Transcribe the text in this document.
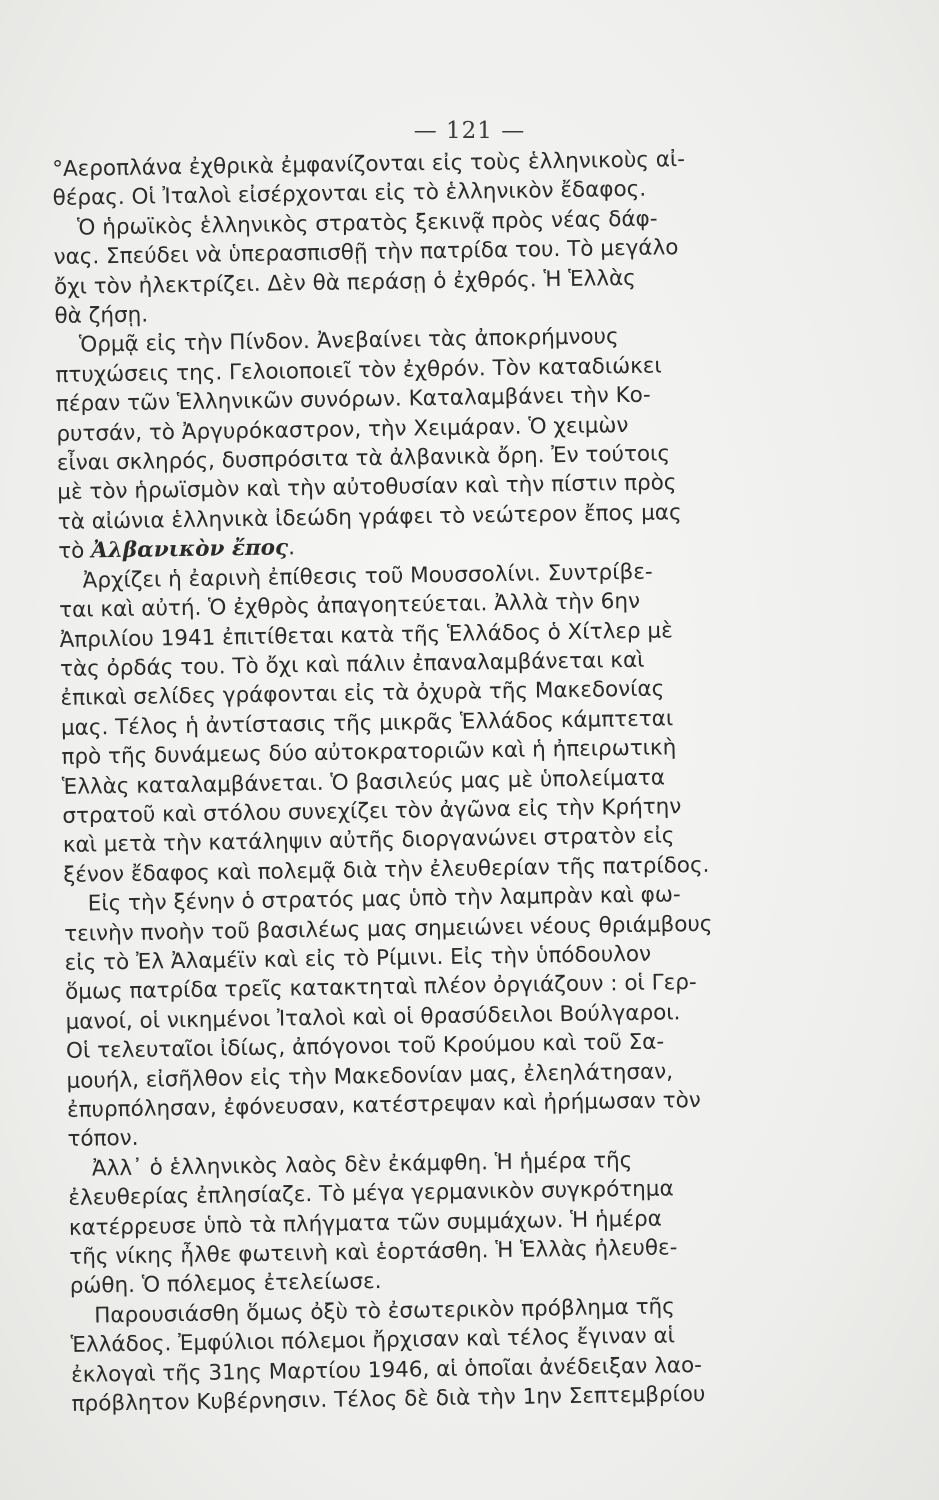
— 121 —
°Αεροπλάνα ἐχθρικὰ ἐμφανίζονται εἰς τοὺς ἑλληνικοὺς αἰ-
θέρας. Οἱ Ἰταλοὶ εἰσέρχονται εἰς τὸ ἑλληνικὸν ἔδαφος.
Ὁ ἡρωϊκὸς ἑλληνικὸς στρατὸς ξεκινᾷ πρὸς νέας δάφ-
νας. Σπεύδει νὰ ὑπερασπισθῇ τὴν πατρίδα του. Τὸ μεγάλο
ὄχι τὸν ἠλεκτρίζει. Δὲν θὰ περάσῃ ὁ ἐχθρός. Ἡ Ἑλλὰς
θὰ ζήσῃ.
Ὁρμᾷ εἰς τὴν Πίνδον. Ἀνεβαίνει τὰς ἀποκρήμνους
πτυχώσεις της. Γελοιοποιεῖ τὸν ἐχθρόν. Τὸν καταδιώκει
πέραν τῶν Ἑλληνικῶν συνόρων. Καταλαμβάνει τὴν Κο-
ρυτσάν, τὸ Ἀργυρόκαστρον, τὴν Χειμάραν. Ὁ χειμὼν
εἶναι σκληρός, δυσπρόσιτα τὰ ἀλβανικὰ ὄρη. Ἐν τούτοις
μὲ τὸν ἡρωϊσμὸν καὶ τὴν αὐτοθυσίαν καὶ τὴν πίστιν πρὸς
τὰ αἰώνια ἑλληνικὰ ἰδεώδη γράφει τὸ νεώτερον ἔπος μας
τὸ Ἀλβανικὸν ἔπος.
Ἀρχίζει ἡ ἐαρινὴ ἐπίθεσις τοῦ Μουσσολίνι. Συντρίβε-
ται καὶ αὐτή. Ὁ ἐχθρὸς ἀπαγοητεύεται. Ἀλλὰ τὴν 6ην
Ἀπριλίου 1941 ἐπιτίθεται κατὰ τῆς Ἑλλάδος ὁ Χίτλερ μὲ
τὰς ὀρδάς του. Τὸ ὄχι καὶ πάλιν ἐπαναλαμβάνεται καὶ
ἐπικαὶ σελίδες γράφονται εἰς τὰ ὀχυρὰ τῆς Μακεδονίας
μας. Τέλος ἡ ἀντίστασις τῆς μικρᾶς Ἑλλάδος κάμπτεται
πρὸ τῆς δυνάμεως δύο αὐτοκρατοριῶν καὶ ἡ ἠπειρωτικὴ
Ἑλλὰς καταλαμβάνεται. Ὁ βασιλεύς μας μὲ ὑπολείματα
στρατοῦ καὶ στόλου συνεχίζει τὸν ἀγῶνα εἰς τὴν Κρήτην
καὶ μετὰ τὴν κατάληψιν αὐτῆς διοργανώνει στρατὸν εἰς
ξένον ἔδαφος καὶ πολεμᾷ διὰ τὴν ἐλευθερίαν τῆς πατρίδος.
Εἰς τὴν ξένην ὁ στρατός μας ὑπὸ τὴν λαμπρὰν καὶ φω-
τεινὴν πνοὴν τοῦ βασιλέως μας σημειώνει νέους θριάμβους
εἰς τὸ Ἐλ Ἀλαμέϊν καὶ εἰς τὸ Ρίμινι. Εἰς τὴν ὑπόδουλον
ὅμως πατρίδα τρεῖς κατακτηταὶ πλέον ὀργιάζουν : οἱ Γερ-
μανοί, οἱ νικημένοι Ἰταλοὶ καὶ οἱ θρασύδειλοι Βούλγαροι.
Οἱ τελευταῖοι ἰδίως, ἀπόγονοι τοῦ Κρούμου καὶ τοῦ Σα-
μουήλ, εἰσῆλθον εἰς τὴν Μακεδονίαν μας, ἐλεηλάτησαν,
ἐπυρπόλησαν, ἐφόνευσαν, κατέστρεψαν καὶ ἠρήμωσαν τὸν
τόπον.
Ἀλλ᾽ ὁ ἑλληνικὸς λαὸς δὲν ἐκάμφθη. Ἡ ἡμέρα τῆς
ἐλευθερίας ἐπλησίαζε. Τὸ μέγα γερμανικὸν συγκρότημα
κατέρρευσε ὑπὸ τὰ πλήγματα τῶν συμμάχων. Ἡ ἡμέρα
τῆς νίκης ἦλθε φωτεινὴ καὶ ἑορτάσθη. Ἡ Ἑλλὰς ἠλευθε-
ρώθη. Ὁ πόλεμος ἐτελείωσε.
Παρουσιάσθη ὅμως ὀξὺ τὸ ἐσωτερικὸν πρόβλημα τῆς
Ἑλλάδος. Ἐμφύλιοι πόλεμοι ἤρχισαν καὶ τέλος ἔγιναν αἱ
ἐκλογαὶ τῆς 31ης Μαρτίου 1946, αἱ ὁποῖαι ἀνέδειξαν λαο-
πρόβλητον Κυβέρνησιν. Τέλος δὲ διὰ τὴν 1ην Σεπτεμβρίου
